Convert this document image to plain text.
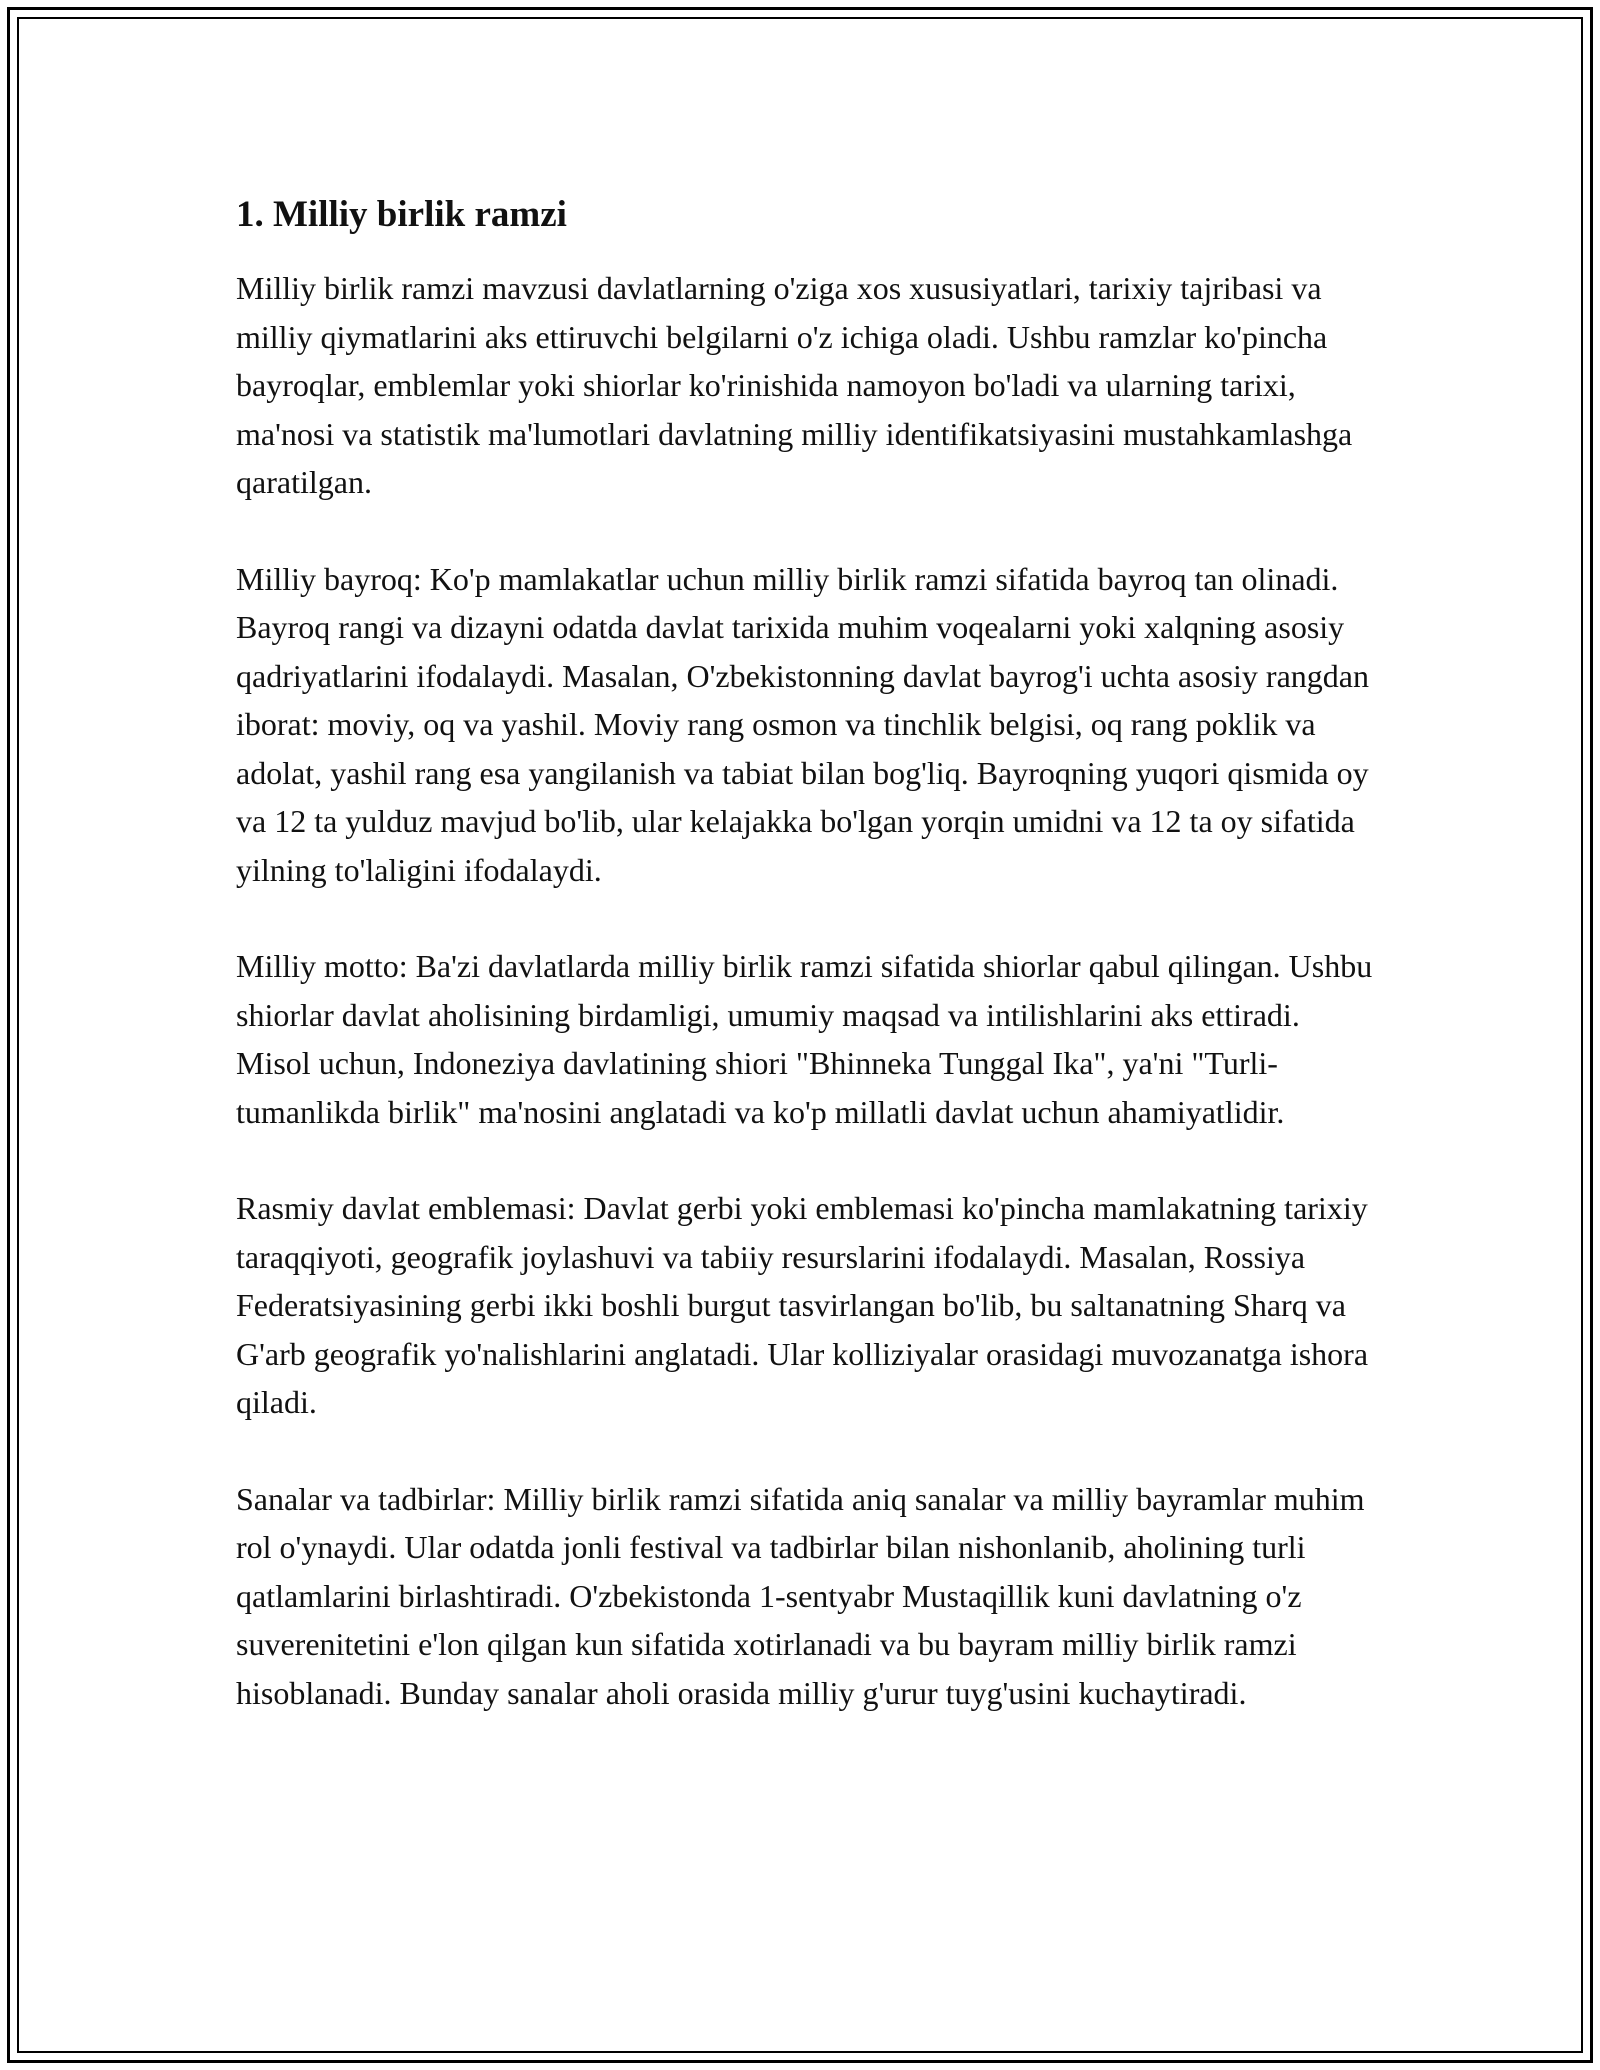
1. Milliy birlik ramzi

Milliy birlik ramzi mavzusi davlatlarning o'ziga xos xususiyatlari, tarixiy tajribasi va milliy qiymatlarini aks ettiruvchi belgilarni o'z ichiga oladi. Ushbu ramzlar ko'pincha bayroqlar, emblemlar yoki shiorlar ko'rinishida namoyon bo'ladi va ularning tarixi, ma'nosi va statistik ma'lumotlari davlatning milliy identifikatsiyasini mustahkamlashga qaratilgan.

Milliy bayroq: Ko'p mamlakatlar uchun milliy birlik ramzi sifatida bayroq tan olinadi. Bayroq rangi va dizayni odatda davlat tarixida muhim voqealarni yoki xalqning asosiy qadriyatlarini ifodalaydi. Masalan, O'zbekistonning davlat bayrog'i uchta asosiy rangdan iborat: moviy, oq va yashil. Moviy rang osmon va tinchlik belgisi, oq rang poklik va adolat, yashil rang esa yangilanish va tabiat bilan bog'liq. Bayroqning yuqori qismida oy va 12 ta yulduz mavjud bo'lib, ular kelajakka bo'lgan yorqin umidni va 12 ta oy sifatida yilning to'laligini ifodalaydi.

Milliy motto: Ba'zi davlatlarda milliy birlik ramzi sifatida shiorlar qabul qilingan. Ushbu shiorlar davlat aholisining birdamligi, umumiy maqsad va intilishlarini aks ettiradi. Misol uchun, Indoneziya davlatining shiori "Bhinneka Tunggal Ika", ya'ni "Turli-tumanlikda birlik" ma'nosini anglatadi va ko'p millatli davlat uchun ahamiyatlidir.

Rasmiy davlat emblemasi: Davlat gerbi yoki emblemasi ko'pincha mamlakatning tarixiy taraqqiyoti, geografik joylashuvi va tabiiy resurslarini ifodalaydi. Masalan, Rossiya Federatsiyasining gerbi ikki boshli burgut tasvirlangan bo'lib, bu saltanatning Sharq va G'arb geografik yo'nalishlarini anglatadi. Ular kolliziyalar orasidagi muvozanatga ishora qiladi.

Sanalar va tadbirlar: Milliy birlik ramzi sifatida aniq sanalar va milliy bayramlar muhim rol o'ynaydi. Ular odatda jonli festival va tadbirlar bilan nishonlanib, aholining turli qatlamlarini birlashtiradi. O'zbekistonda 1-sentyabr Mustaqillik kuni davlatning o'z suverenitetini e'lon qilgan kun sifatida xotirlanadi va bu bayram milliy birlik ramzi hisoblanadi. Bunday sanalar aholi orasida milliy g'urur tuyg'usini kuchaytiradi.
